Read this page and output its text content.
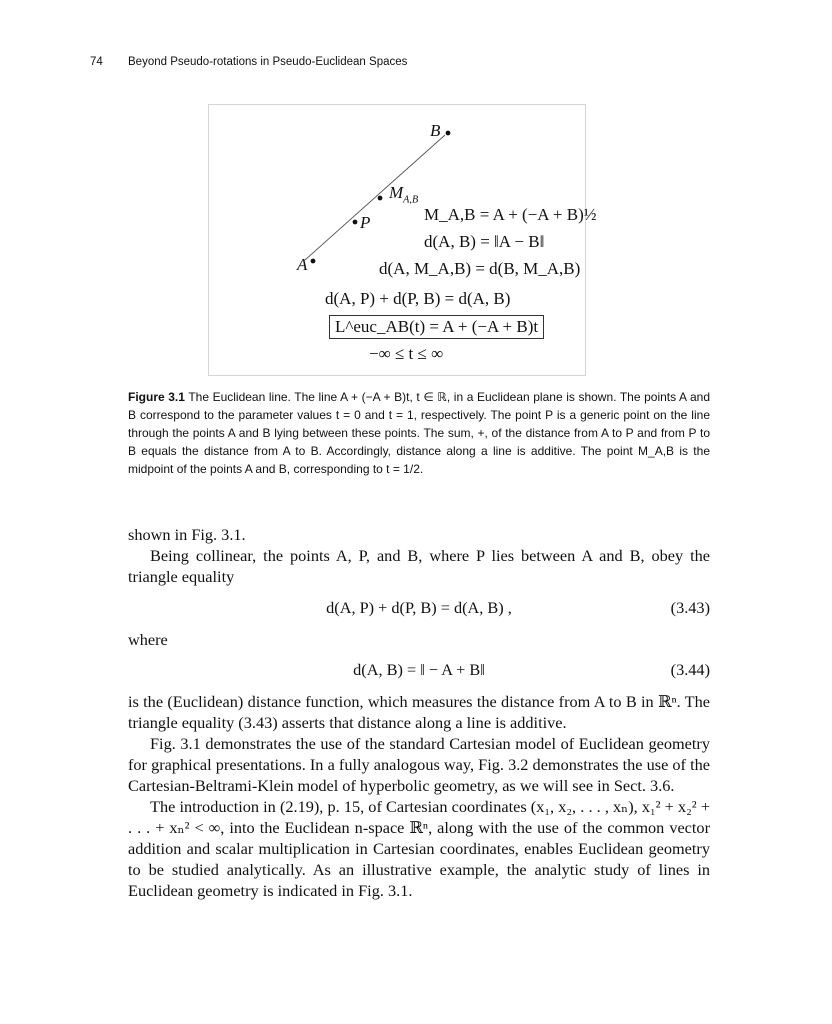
74 Beyond Pseudo-rotations in Pseudo-Euclidean Spaces
B
A
P
$M_{A,B}$
M_A,B = A + (−A + B)½
d(A, B) = ‖A − B‖
d(A, M_A,B) = d(B, M_A,B)
d(A, P) + d(P, B) = d(A, B)
L^euc_AB(t) = A + (−A + B)t
−∞ ≤ t ≤ ∞
Figure 3.1 The Euclidean line. The line A + (−A + B)t, t ∈ ℝ, in a Euclidean plane is shown. The points A and B correspond to the parameter values t = 0 and t = 1, respectively. The point P is a generic point on the line through the points A and B lying between these points. The sum, +, of the distance from A to P and from P to B equals the distance from A to B. Accordingly, distance along a line is additive. The point M_A,B is the midpoint of the points A and B, corresponding to t = 1/2.

shown in Fig. 3.1.

Being collinear, the points A, P, and B, where P lies between A and B, obey the triangle equality

d(A, P) + d(P, B) = d(A, B) ,	(3.43)

where

d(A, B) = ‖ − A + B‖	(3.44)

is the (Euclidean) distance function, which measures the distance from A to B in ℝⁿ. The triangle equality (3.43) asserts that distance along a line is additive.

Fig. 3.1 demonstrates the use of the standard Cartesian model of Euclidean geometry for graphical presentations. In a fully analogous way, Fig. 3.2 demonstrates the use of the Cartesian-Beltrami-Klein model of hyperbolic geometry, as we will see in Sect. 3.6.

The introduction in (2.19), p. 15, of Cartesian coordinates (x₁, x₂, . . . , xₙ), x₁² + x₂² + . . . + xₙ² < ∞, into the Euclidean n-space ℝⁿ, along with the use of the common vector addition and scalar multiplication in Cartesian coordinates, enables Euclidean geometry to be studied analytically. As an illustrative example, the analytic study of lines in Euclidean geometry is indicated in Fig. 3.1.
